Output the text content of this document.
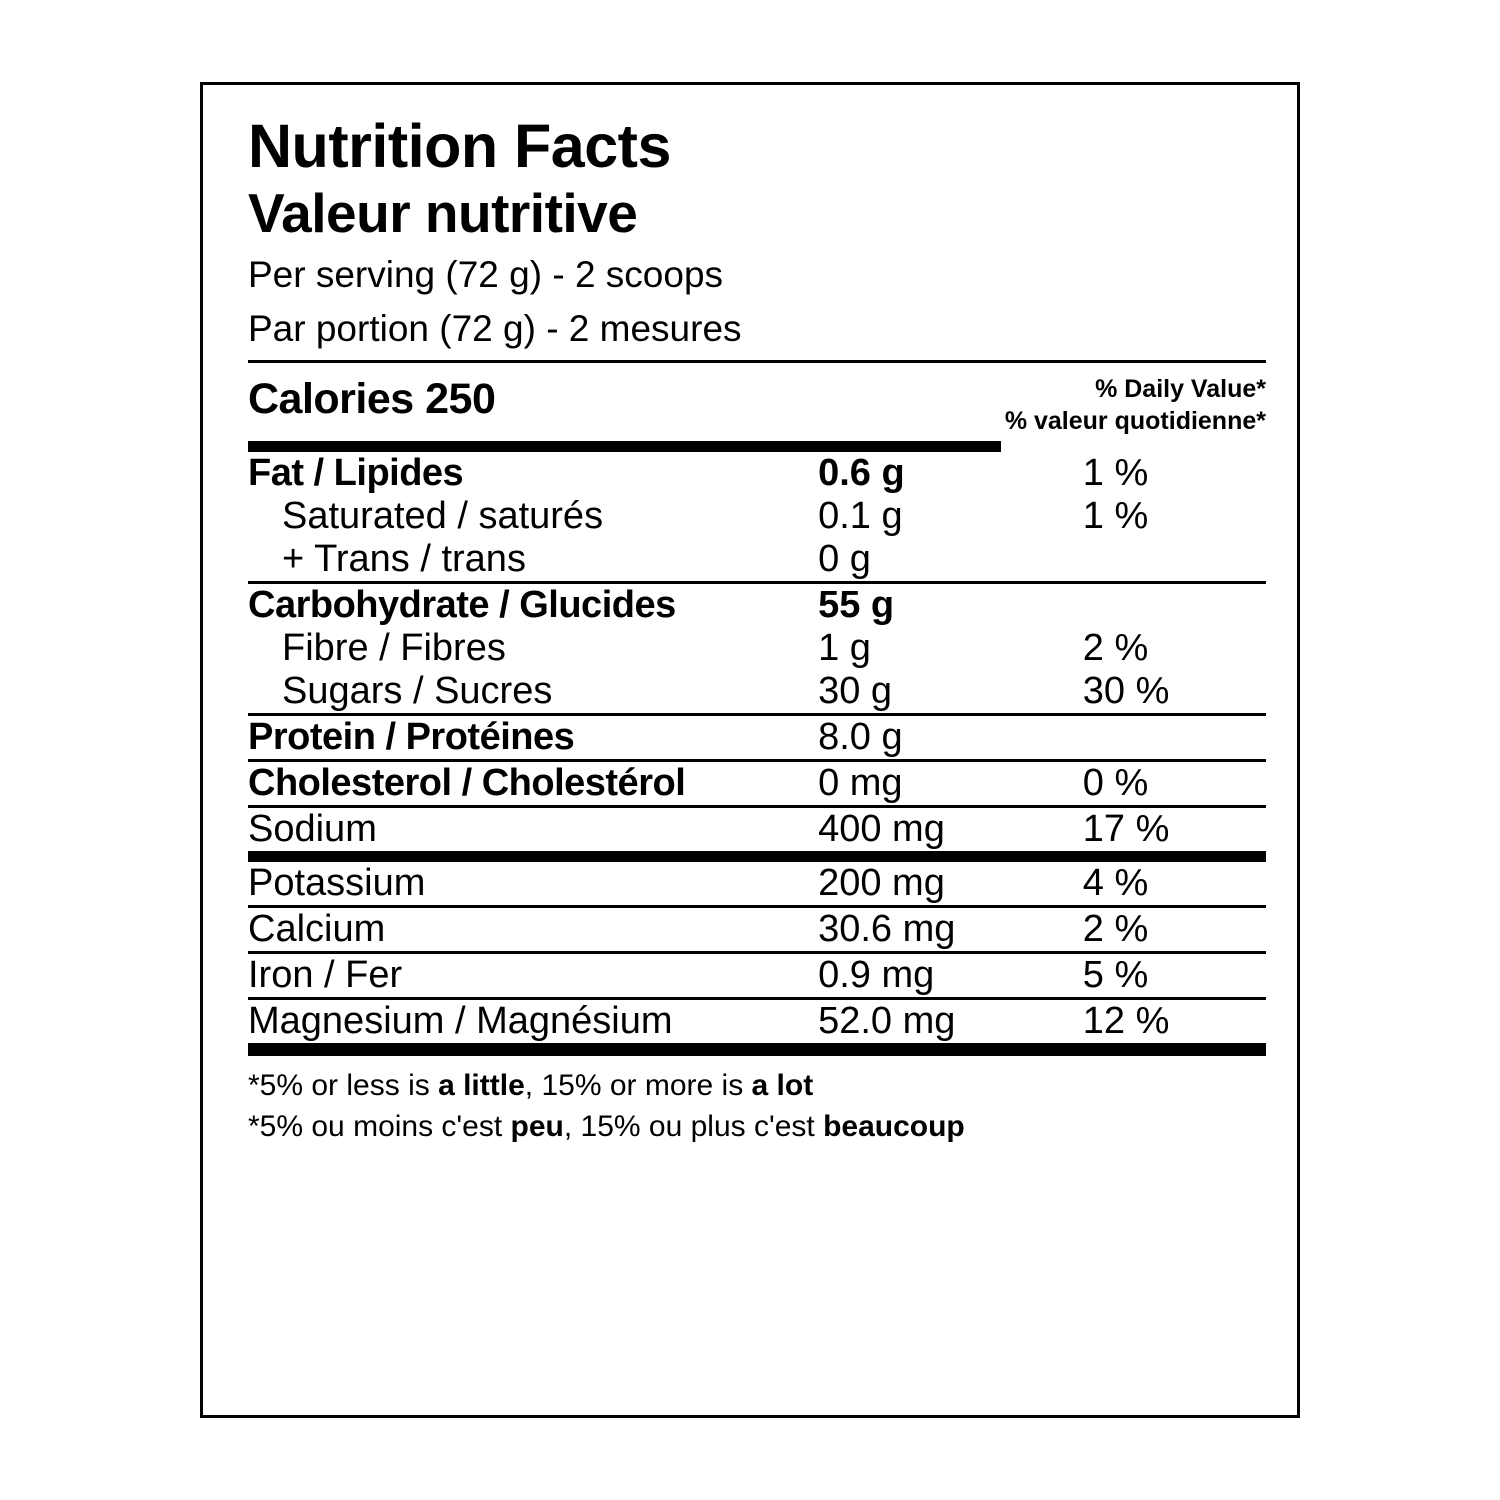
Nutrition Facts
Valeur nutritive
Per serving (72 g) - 2 scoops
Par portion (72 g) - 2 mesures
Calories 250	% Daily Value*
% valeur quotidienne*
Fat / Lipides	0.6 g	1 %
Saturated / saturés	0.1 g	1 %
+ Trans / trans	0 g	
Carbohydrate / Glucides	55 g	
Fibre / Fibres	1 g	2 %
Sugars / Sucres	30 g	30 %
Protein / Protéines	8.0 g	
Cholesterol / Cholestérol	0 mg	0 %
Sodium	400 mg	17 %
Potassium	200 mg	4 %
Calcium	30.6 mg	2 %
Iron / Fer	0.9 mg	5 %
Magnesium / Magnésium	52.0 mg	12 %
*5% or less is a little, 15% or more is a lot
*5% ou moins c'est peu, 15% ou plus c'est beaucoup
